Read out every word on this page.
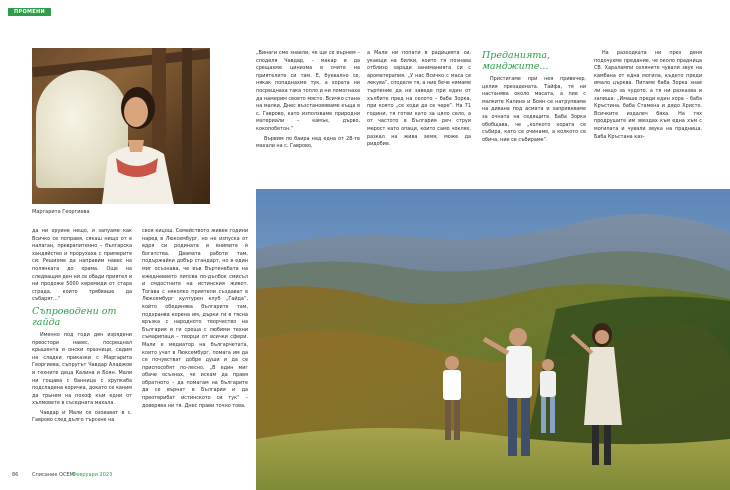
ПРОМЕНИ
Маргарита Георгиева

„Винаги сме знаели, че ще се върнем – споделя Чавдар, – макар и да срещахме цинизма в очите на приятелите си там. Е, буквално се, някак попаднахме тук, а хората ни посрещнаха така топло и ни помогнаха да намерим своето място. Всичко стана на малки. Днес възстановяваме къща в с. Гаврово, като използваме природни материали – камък, дърво, кокопобетон.“

Вървим по баира над една от 28-те махали на с. Гаврово,

а Мали ни попати в радицията си, укаещи на билки, които тя познава отблизо заради заниманията си с ароматерапия. „У нас Всичко с маса се лекува“, споделя тя, а ние бече нямаме търпение да ни заведе при един от хълбите пред на селото – баба Зорка, при която „се ходи да се чере“. На 71 години, тя готви като за цяло село, а от частото в България реч струи мерост като опаци, които само чоклях, разкал на жива земя, може да ридобие.

Преданията, манджите...

Пристигаме при нея привечер, целия презадената. Тайфа, тя ни настанява около масата, а пие с малките Калина и Боян се натрупваме на дивана под асмата и запривкваме за очната на седящите. Баба Зорка обобщава, че „колкото хората се събира, като се очинаме, а колкото се обича, ние се събираме“.

На разходката ни през деня подочухме предание, че около прадница СВ. Харалампи селяните чували звук на камбана от една могила, където преди имало църква. Питаме баба Зорка знае ли нещо за чудото, а тя ни разказва и запиша: „Имаше преди един хора – баба Кръстина, баба Стамена и дядо Христо. Всичките издалеч бяха. На тях продрушите им звездах към една хъм с могилата и чували звука на прадница. Баба Кръстана каз-

да ни хруине нещо, и запуаме как Всичко се поправя, сякаш нищо от е налаган, преврапитенно – българска хандяйство и прорухаха с примерите си: Решихме да направим навес на полянката до храма. Още на следващия ден ни се обади приятел и ни продоже 5000 керемиди от стара сграда, които трябваше да събарят…“

Съпроводени от гайда

Именно под тоди ден изрядени преостори навес, посрещнал крышента и онски празници, седим на сладки приказки с Маргарита Георгиева, съпругът Чавдар Аладжов и техните деца Калина и Боян. Мали ни гощава с банница с хрупкаба подсладена коричка, докато се каним да трьнем на похоф към едни от хълмовете в съседната махала.

Чавдар и Мали се озовават в с. Гаврово след дълго търсене на

своя кицош. Семейството живее години наред в Люксембург, но не изпуска от вдря си родината и внимите ѝ богатства. Двамата работи там, подържайки добър стандарт, но в един миг осъзнава, че във Въртенебата на ежедневието липсва по-дълбок смисъл и смдостните на истинския живот. Тогава с няколко приятели създават в Люксембург културен клуб „Гайда“, който обединява българите там, подхранва корена им, дърки ги в тясна връзка с народното творчество на България и ги среща с любими техни съмарипаци – творци от всички сфери. Мали е медиатор на българчетата, които учат в Люксембург, помага им да се почувстват добре души и да се приспособят по-лесно. „В един миг обаче осъзнах, че искам да правя обратното – да помагам на българите да се върнат в България и да преотврибат истинското си тук“ – доверява ни тя. Днес прави точно това.

86	Списание ОСЕМ
Февруари 2023
